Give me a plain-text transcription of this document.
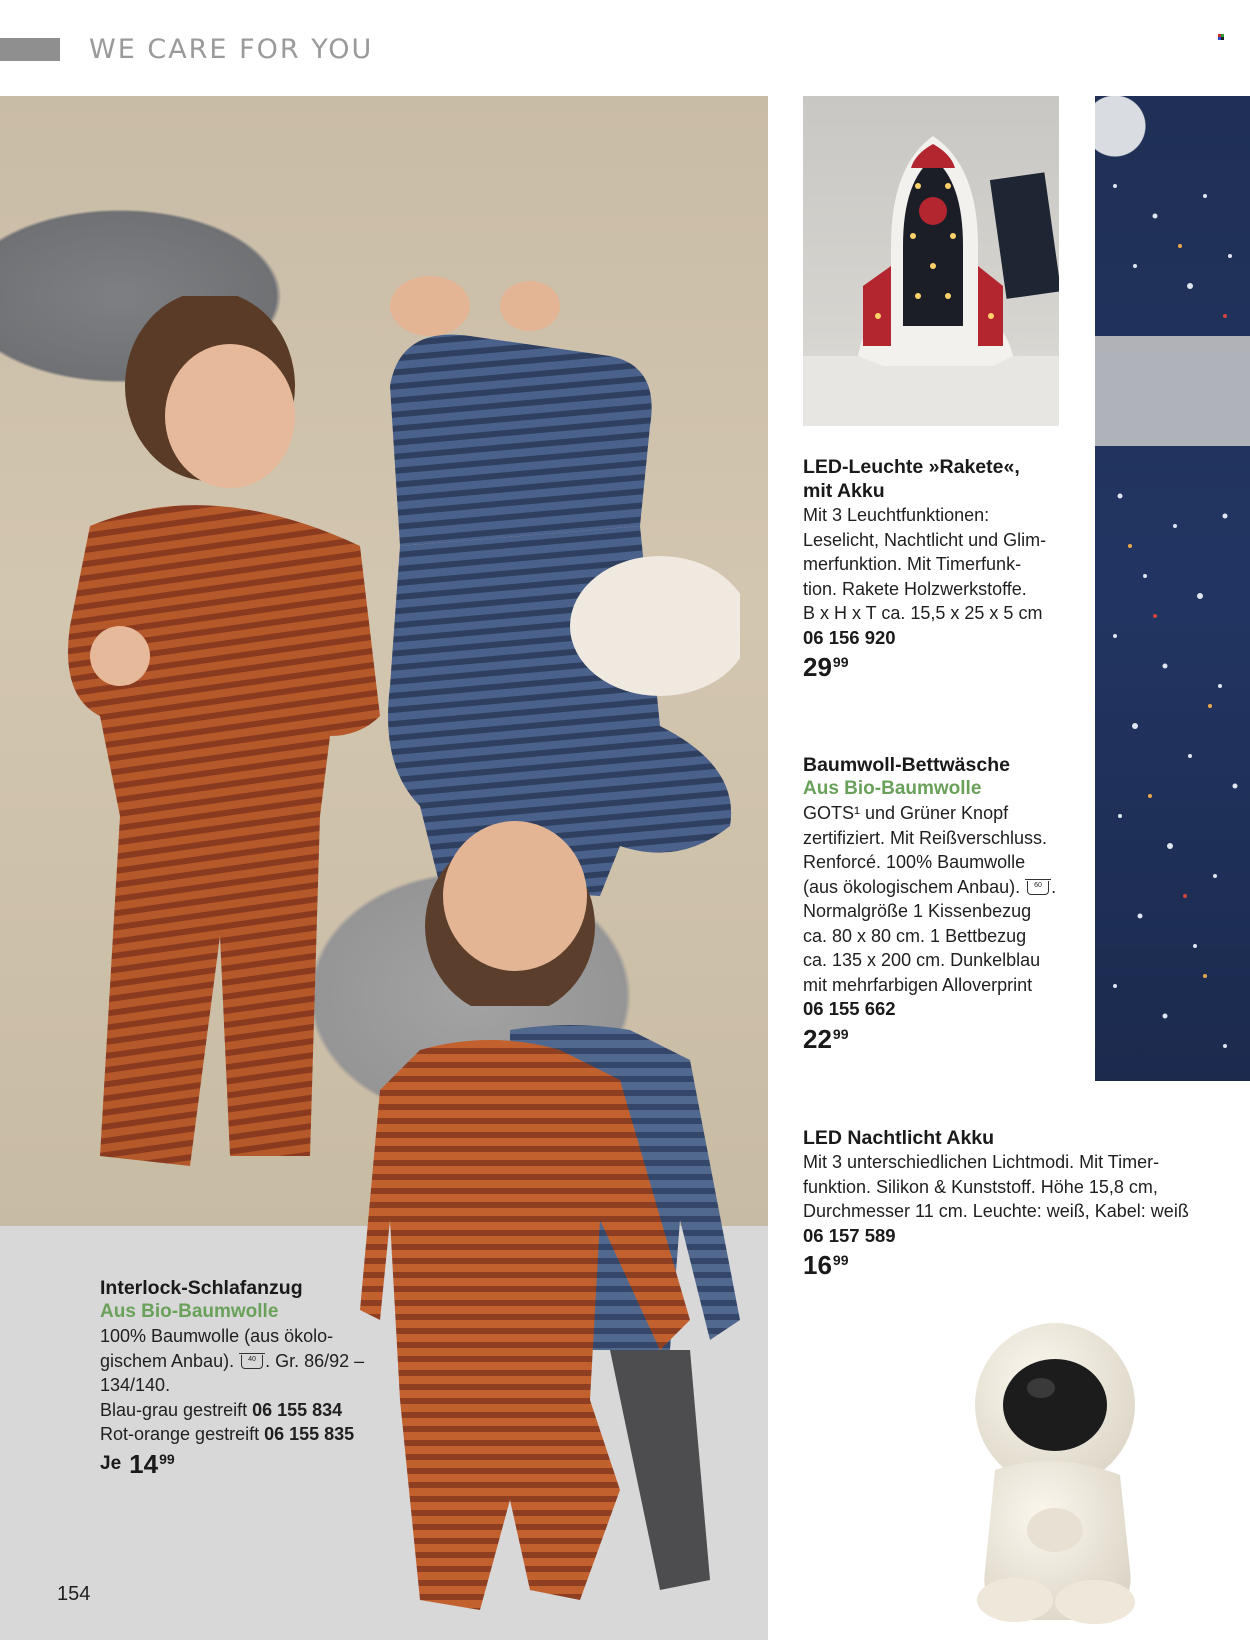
WE CARE FOR YOU
LED-Leuchte »Rakete«,
mit Akku
Mit 3 Leuchtfunktionen:
Leselicht, Nachtlicht und Glim-
merfunktion. Mit Timerfunk-
tion. Rakete Holzwerkstoffe.
B x H x T ca. 15,5 x 25 x 5 cm
06 156 920
29 99
Baumwoll-Bettwäsche
Aus Bio-Baumwolle
GOTS¹ und Grüner Knopf
zertifiziert. Mit Reißverschluss.
Renforcé. 100% Baumwolle
(aus ökologischem Anbau). 60 .
Normalgröße 1 Kissenbezug
ca. 80 x 80 cm. 1 Bettbezug
ca. 135 x 200 cm. Dunkelblau
mit mehrfarbigen Alloverprint
06 155 662
22 99
LED Nachtlicht Akku
Mit 3 unterschiedlichen Lichtmodi. Mit Timer-
funktion. Silikon & Kunststoff. Höhe 15,8 cm,
Durchmesser 11 cm. Leuchte: weiß, Kabel: weiß
06 157 589
16 99
Interlock-Schlafanzug
Aus Bio-Baumwolle
100% Baumwolle (aus ökolo-
gischem Anbau). 40 . Gr. 86/92 –
134/140.
Blau-grau gestreift 06 155 834
Rot-orange gestreift 06 155 835
Je 14 99
154
